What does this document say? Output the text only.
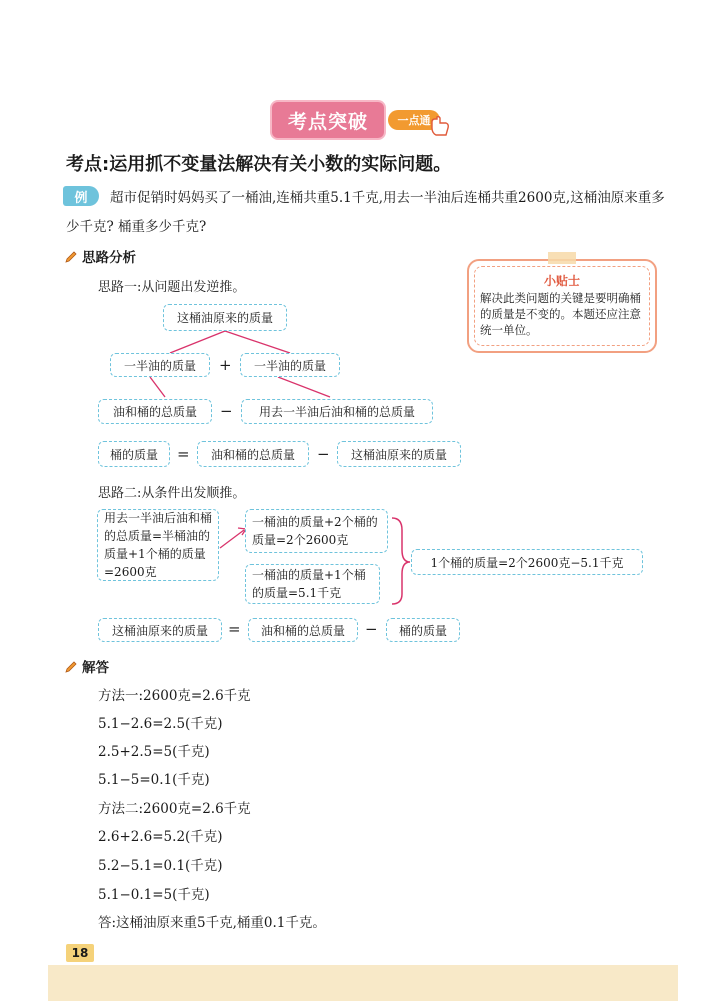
考点突破	一点通
考点:运用抓不变量法解决有关小数的实际问题。
例	超市促销时妈妈买了一桶油,连桶共重5.1千克,用去一半油后连桶共重2600克,这桶油原来重多少千克? 桶重多少千克?
思路分析
思路一:从问题出发逆推。
这桶油原来的质量
一半油的质量	+	一半油的质量
油和桶的总质量	−	用去一半油后油和桶的总质量
桶的质量	=	油和桶的总质量	−	这桶油原来的质量
思路二:从条件出发顺推。
用去一半油后油和桶的总质量=半桶油的质量+1个桶的质量=2600克
一桶油的质量+2个桶的质量=2个2600克
一桶油的质量+1个桶的质量=5.1千克
1个桶的质量=2个2600克−5.1千克
这桶油原来的质量	=	油和桶的总质量	−	桶的质量
小贴士
解决此类问题的关键是要明确桶的质量是不变的。本题还应注意统一单位。
解答
方法一:2600克=2.6千克
5.1−2.6=2.5(千克)
2.5+2.5=5(千克)
5.1−5=0.1(千克)
方法二:2600克=2.6千克
2.6+2.6=5.2(千克)
5.2−5.1=0.1(千克)
5.1−0.1=5(千克)
答:这桶油原来重5千克,桶重0.1千克。
18
